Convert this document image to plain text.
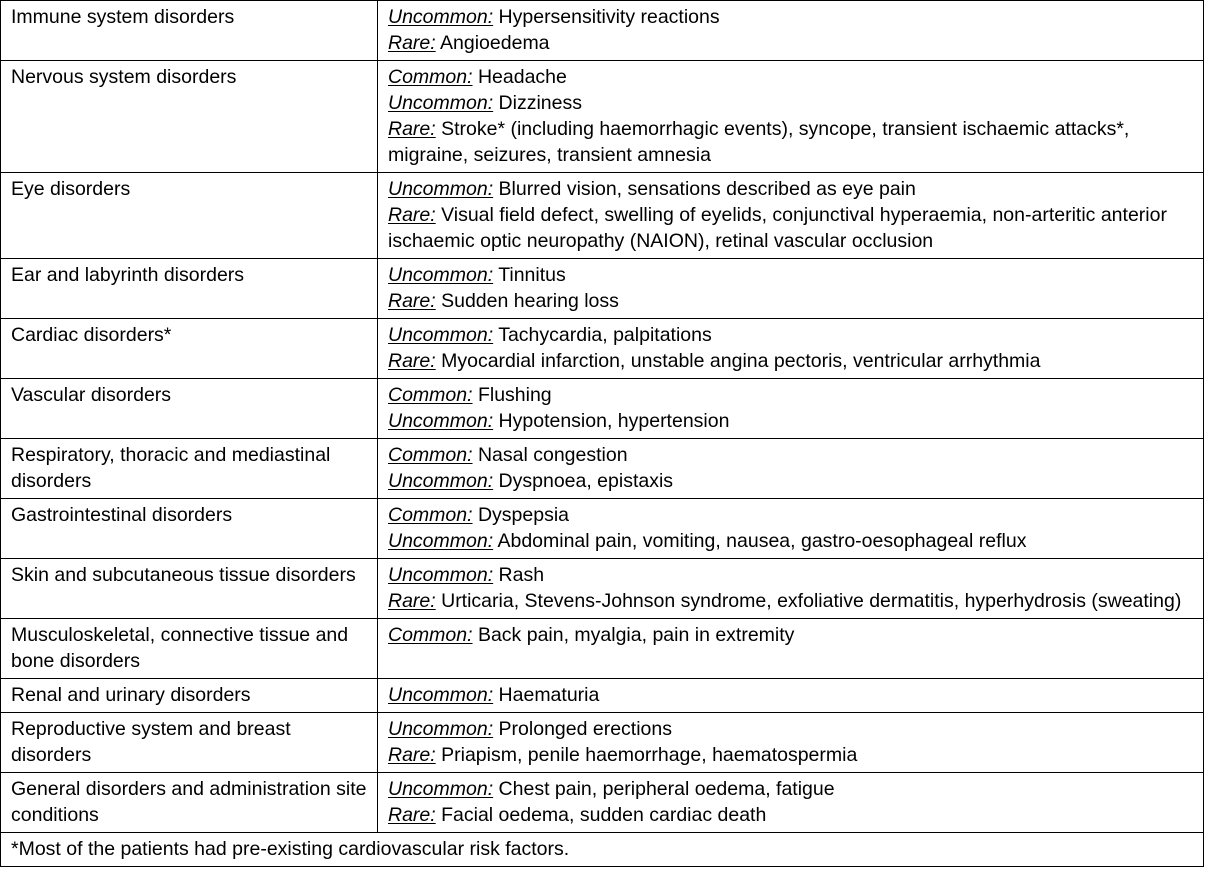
Immune system disorders	Uncommon: Hypersensitivity reactions
Rare: Angioedema

Nervous system disorders	Common: Headache
Uncommon: Dizziness
Rare: Stroke* (including haemorrhagic events), syncope, transient ischaemic attacks*, migraine, seizures, transient amnesia

Eye disorders	Uncommon: Blurred vision, sensations described as eye pain
Rare: Visual field defect, swelling of eyelids, conjunctival hyperaemia, non-arteritic anterior ischaemic optic neuropathy (NAION), retinal vascular occlusion

Ear and labyrinth disorders	Uncommon: Tinnitus
Rare: Sudden hearing loss

Cardiac disorders*	Uncommon: Tachycardia, palpitations
Rare: Myocardial infarction, unstable angina pectoris, ventricular arrhythmia

Vascular disorders	Common: Flushing
Uncommon: Hypotension, hypertension

Respiratory, thoracic and mediastinal disorders	Common: Nasal congestion
Uncommon: Dyspnoea, epistaxis

Gastrointestinal disorders	Common: Dyspepsia
Uncommon: Abdominal pain, vomiting, nausea, gastro-oesophageal reflux

Skin and subcutaneous tissue disorders	Uncommon: Rash
Rare: Urticaria, Stevens-Johnson syndrome, exfoliative dermatitis, hyperhydrosis (sweating)

Musculoskeletal, connective tissue and bone disorders	Common: Back pain, myalgia, pain in extremity

Renal and urinary disorders	Uncommon: Haematuria

Reproductive system and breast disorders	Uncommon: Prolonged erections
Rare: Priapism, penile haemorrhage, haematospermia

General disorders and administration site conditions	Uncommon: Chest pain, peripheral oedema, fatigue
Rare: Facial oedema, sudden cardiac death

*Most of the patients had pre-existing cardiovascular risk factors.	
